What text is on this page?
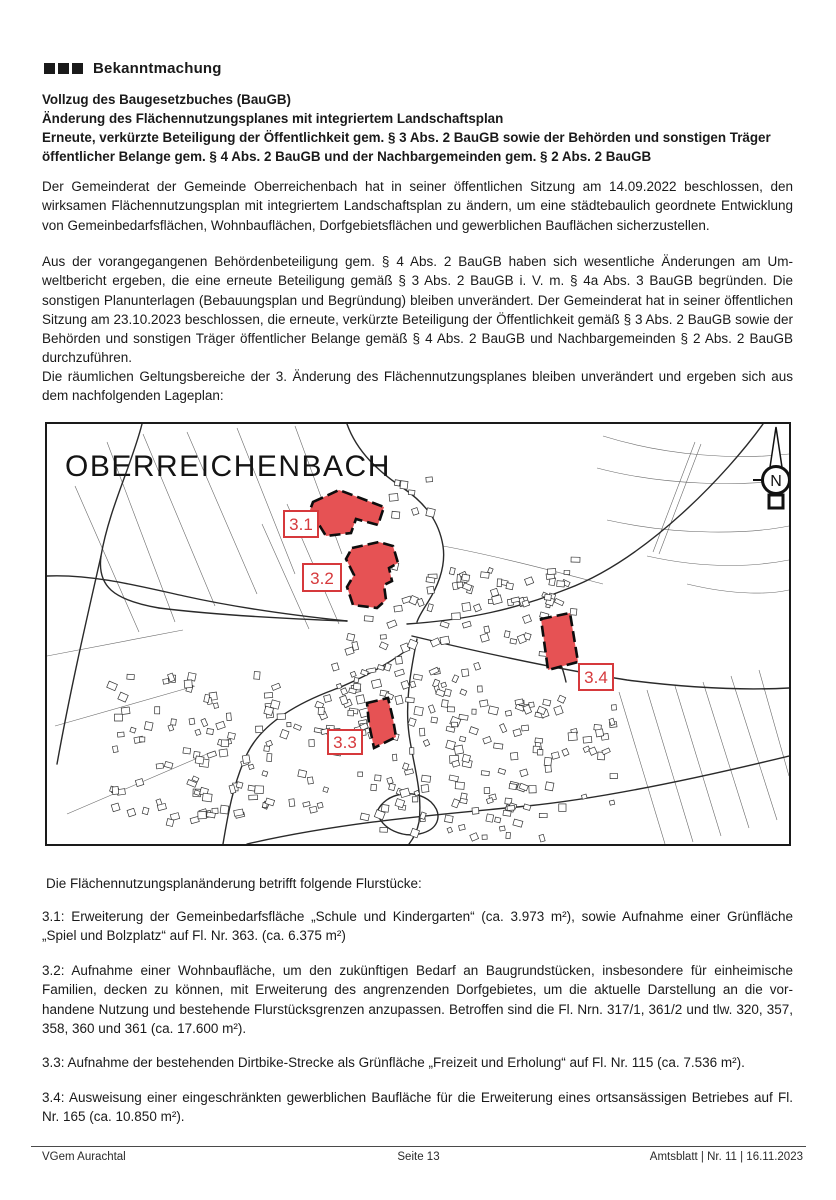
Bekanntmachung
Vollzug des Baugesetzbuches (BauGB)
Änderung des Flächennutzungsplanes mit integriertem Landschaftsplan
Erneute, verkürzte Beteiligung der Öffentlichkeit gem. § 3 Abs. 2 BauGB sowie der Behörden und sonstigen Träger öffentlicher Belange gem. § 4 Abs. 2 BauGB und der Nachbargemeinden gem. § 2 Abs. 2 BauGB

Der Gemeinderat der Gemeinde Oberreichenbach hat in seiner öffentlichen Sitzung am 14.09.2022 beschlossen, den wirksamen Flächennutzungsplan mit integriertem Landschaftsplan zu ändern, um eine städtebaulich geordnete Entwicklung von Gemeinbedarfsflächen, Wohnbauflächen, Dorfgebietsflächen und gewerblichen Bauflächen sicherzustellen.

Aus der vorangegangenen Behördenbeteiligung gem. § 4 Abs. 2 BauGB haben sich wesentliche Änderungen am Umweltbericht ergeben, die eine erneute Beteiligung gemäß § 3 Abs. 2 BauGB i. V. m. § 4a Abs. 3 BauGB begründen. Die sonstigen Planunterlagen (Bebauungsplan und Begründung) bleiben unverändert. Der Gemeinderat hat in seiner öffentlichen Sitzung am 23.10.2023 beschlossen, die erneute, verkürzte Beteiligung der Öffentlichkeit gemäß § 3 Abs. 2 BauGB sowie der Behörden und sonstigen Träger öffentlicher Belange gemäß § 4 Abs. 2 BauGB und Nachbargemeinden § 2 Abs. 2 BauGB durchzuführen.

Die räumlichen Geltungsbereiche der 3. Änderung des Flächennutzungsplanes bleiben unverändert und ergeben sich aus dem nachfolgenden Lageplan:

3.1
3.2
3.3
3.4
N
OBERREICHENBACH

Die Flächennutzungsplanänderung betrifft folgende Flurstücke:

3.1: Erweiterung der Gemeinbedarfsfläche „Schule und Kindergarten“ (ca. 3.973 m²), sowie Aufnahme einer Grünfläche „Spiel und Bolzplatz“ auf Fl. Nr. 363. (ca. 6.375 m²)

3.2: Aufnahme einer Wohnbaufläche, um den zukünftigen Bedarf an Baugrundstücken, insbesondere für einheimische Familien, decken zu können, mit Erweiterung des angrenzenden Dorfgebietes, um die aktuelle Darstellung an die vorhandene Nutzung und bestehende Flurstücksgrenzen anzupassen. Betroffen sind die Fl. Nrn. 317/1, 361/2 und tlw. 320, 357, 358, 360 und 361 (ca. 17.600 m²).

3.3: Aufnahme der bestehenden Dirtbike-Strecke als Grünfläche „Freizeit und Erholung“ auf Fl. Nr. 115 (ca. 7.536 m²).

3.4: Ausweisung einer eingeschränkten gewerblichen Baufläche für die Erweiterung eines ortsansässigen Betriebes auf Fl. Nr. 165 (ca. 10.850 m²).

VGem Aurachtal	Seite 13	Amtsblatt | Nr. 11 | 16.11.2023
